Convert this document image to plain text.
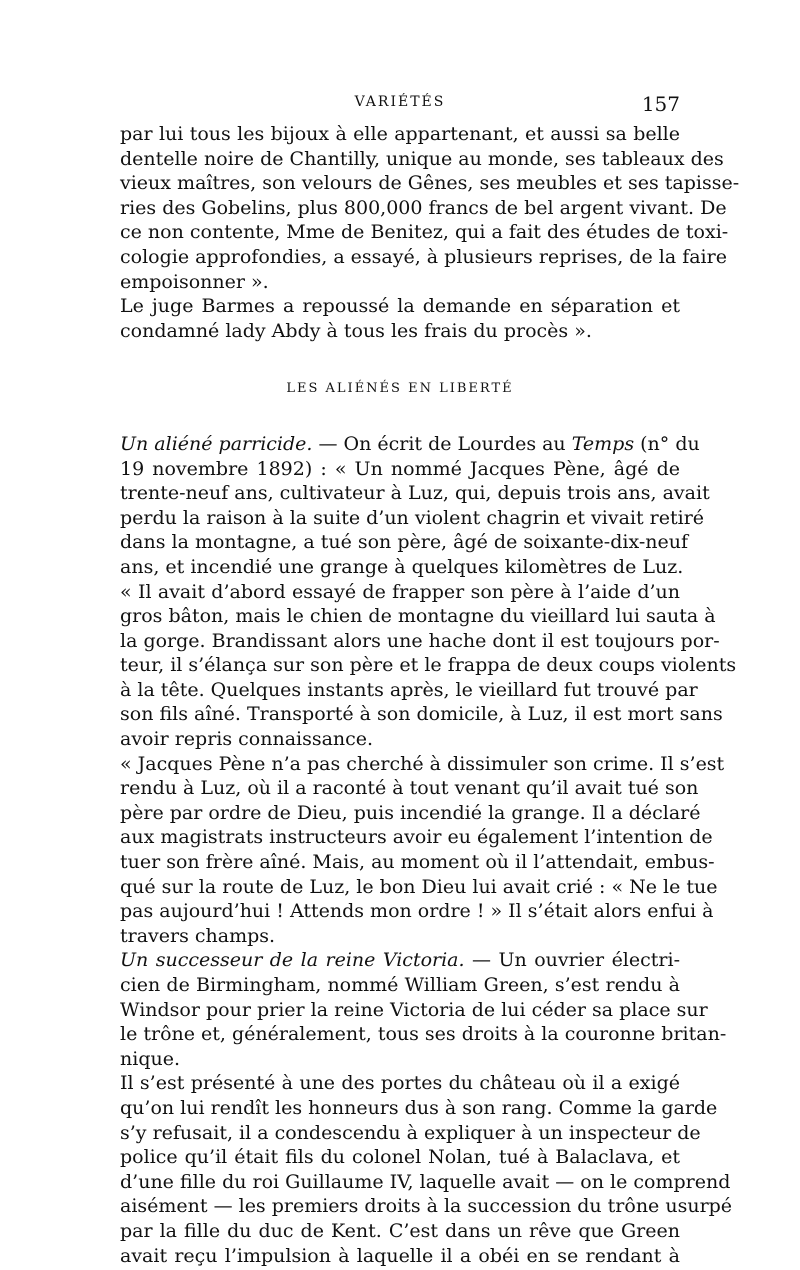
VARIÉTÉS	157
par lui tous les bijoux à elle appartenant, et aussi sa belle
dentelle noire de Chantilly, unique au monde, ses tableaux des
vieux maîtres, son velours de Gênes, ses meubles et ses tapisse-
ries des Gobelins, plus 800,000 francs de bel argent vivant. De
ce non contente, Mme de Benitez, qui a fait des études de toxi-
cologie approfondies, a essayé, à plusieurs reprises, de la faire
empoisonner ».
Le juge Barmes a repoussé la demande en séparation et
condamné lady Abdy à tous les frais du procès ».
LES ALIÉNÉS EN LIBERTÉ
Un aliéné parricide. — On écrit de Lourdes au Temps (n° du
19 novembre 1892) : « Un nommé Jacques Pène, âgé de
trente-neuf ans, cultivateur à Luz, qui, depuis trois ans, avait
perdu la raison à la suite d’un violent chagrin et vivait retiré
dans la montagne, a tué son père, âgé de soixante-dix-neuf
ans, et incendié une grange à quelques kilomètres de Luz.
« Il avait d’abord essayé de frapper son père à l’aide d’un
gros bâton, mais le chien de montagne du vieillard lui sauta à
la gorge. Brandissant alors une hache dont il est toujours por-
teur, il s’élança sur son père et le frappa de deux coups violents
à la tête. Quelques instants après, le vieillard fut trouvé par
son fils aîné. Transporté à son domicile, à Luz, il est mort sans
avoir repris connaissance.
« Jacques Pène n’a pas cherché à dissimuler son crime. Il s’est
rendu à Luz, où il a raconté à tout venant qu’il avait tué son
père par ordre de Dieu, puis incendié la grange. Il a déclaré
aux magistrats instructeurs avoir eu également l’intention de
tuer son frère aîné. Mais, au moment où il l’attendait, embus-
qué sur la route de Luz, le bon Dieu lui avait crié : « Ne le tue
pas aujourd’hui ! Attends mon ordre ! » Il s’était alors enfui à
travers champs.
Un successeur de la reine Victoria. — Un ouvrier électri-
cien de Birmingham, nommé William Green, s’est rendu à
Windsor pour prier la reine Victoria de lui céder sa place sur
le trône et, généralement, tous ses droits à la couronne britan-
nique.
Il s’est présenté à une des portes du château où il a exigé
qu’on lui rendît les honneurs dus à son rang. Comme la garde
s’y refusait, il a condescendu à expliquer à un inspecteur de
police qu’il était fils du colonel Nolan, tué à Balaclava, et
d’une fille du roi Guillaume IV, laquelle avait — on le comprend
aisément — les premiers droits à la succession du trône usurpé
par la fille du duc de Kent. C’est dans un rêve que Green
avait reçu l’impulsion à laquelle il a obéi en se rendant à
